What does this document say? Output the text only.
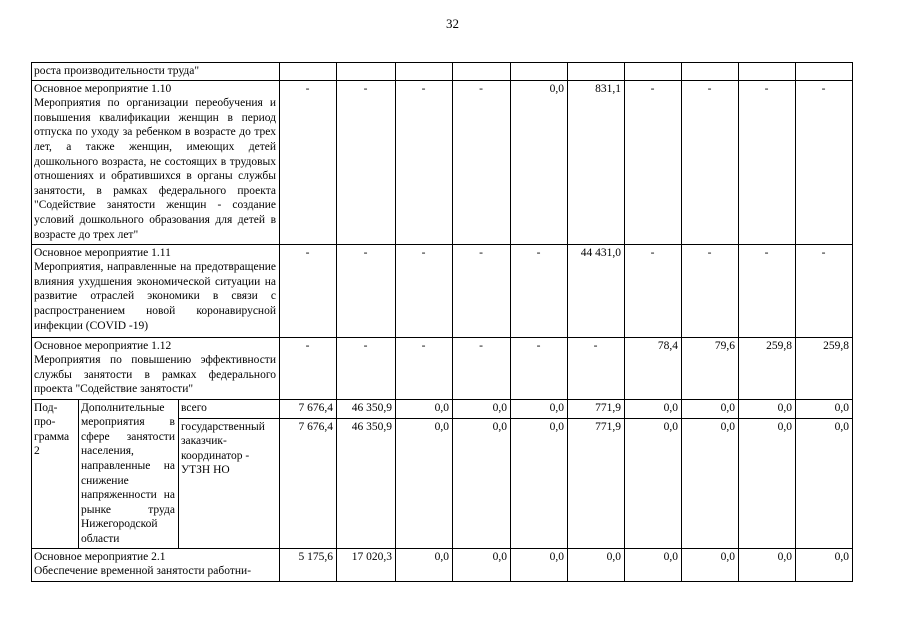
32
роста производительности труда"												

Основное мероприятие 1.10
Мероприятия по организации переобучения и повышения квалификации женщин в период отпуска по уходу за ребенком в возрасте до трех лет, а также женщин, имеющих детей дошкольного возраста, не состоящих в трудовых отношениях и обратившихся в органы службы занятости, в рамках федерального проекта "Содействие занятости женщин - создание условий дошкольного образования для детей в возрасте до трех лет"			-	-	-	-	0,0	831,1	-	-	-	-

Основное мероприятие 1.11
Мероприятия, направленные на предотвращение влияния ухудшения экономической ситуации на развитие отраслей экономики в связи с распространением новой коронавирусной инфекции (COVID -19)			-	-	-	-	-	44 431,0	-	-	-	-

Основное мероприятие 1.12
Мероприятия по повышению эффективности службы занятости в рамках федерального проекта "Содействие занятости"			-	-	-	-	-	-	78,4	79,6	259,8	259,8
Под-про-грамма 2	Дополнительные мероприятия в сфере занятости населения, направленные на снижение напряженности на рынке труда Нижегородской области	всего	7 676,4	46 350,9	0,0	0,0	0,0	771,9	0,0	0,0	0,0	0,0
		государственный заказчик-координатор - УТЗН НО	7 676,4	46 350,9	0,0	0,0	0,0	771,9	0,0	0,0	0,0	0,0

Основное мероприятие 2.1
Обеспечение временной занятости работни-			5 175,6	17 020,3	0,0	0,0	0,0	0,0	0,0	0,0	0,0	0,0
